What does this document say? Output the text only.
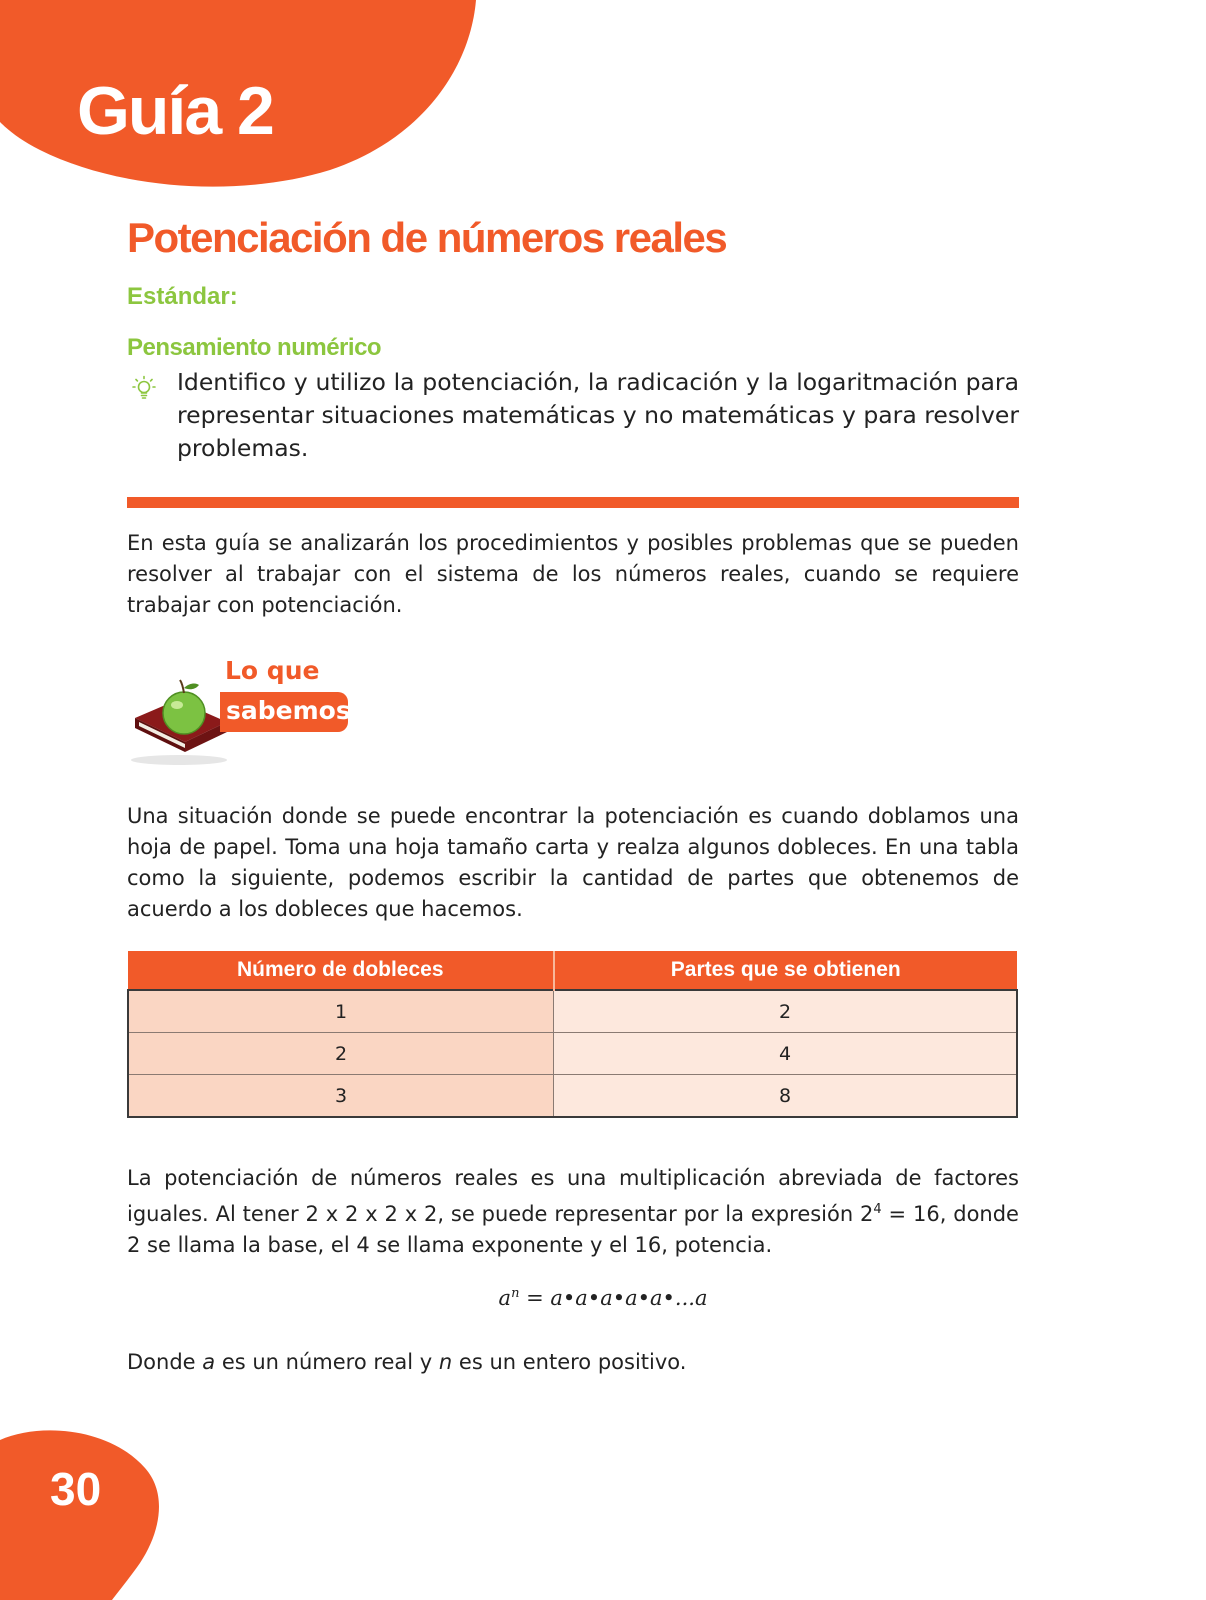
Guía 2
Potenciación de números reales
Estándar:
Pensamiento numérico

Identifico y utilizo la potenciación, la radicación y la logaritmación para representar situaciones matemáticas y no matemáticas y para resolver problemas.

En esta guía se analizarán los procedimientos y posibles problemas que se pueden resolver al trabajar con el sistema de los números reales, cuando se requiere trabajar con potenciación.

Lo que
sabemos

Una situación donde se puede encontrar la potenciación es cuando doblamos una hoja de papel. Toma una hoja tamaño carta y realza algunos dobleces. En una tabla como la siguiente, podemos escribir la cantidad de partes que obtenemos de acuerdo a los dobleces que hacemos.

Número de dobleces	Partes que se obtienen
1	2
2	4
3	8

La potenciación de números reales es una multiplicación abreviada de factores iguales. Al tener 2 x 2 x 2 x 2, se puede representar por la expresión $2^4 = 16$, donde 2 se llama la base, el 4 se llama exponente y el 16, potencia.

$a^n$ = a•a•a•a•a•...a

Donde a es un número real y n es un entero positivo.

30
